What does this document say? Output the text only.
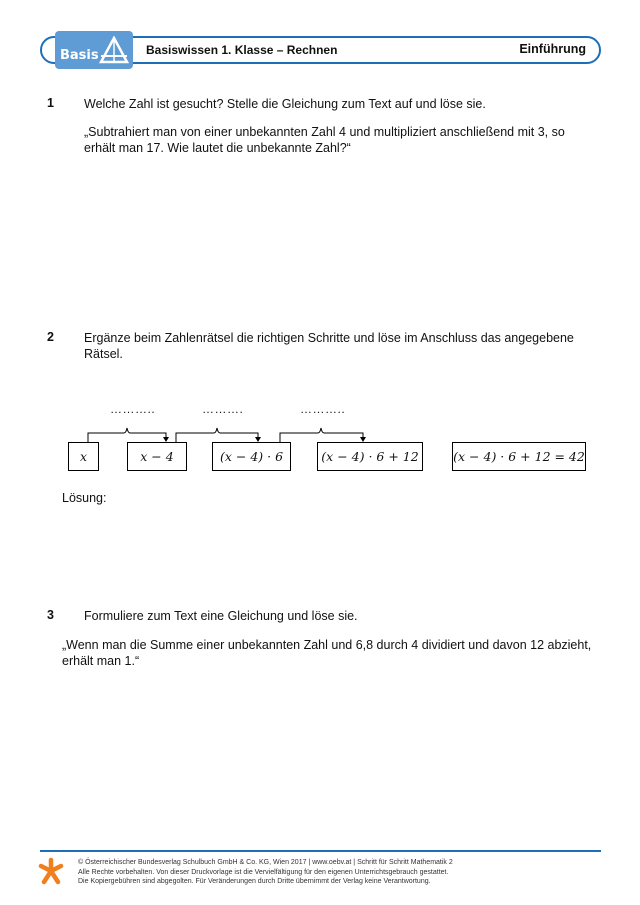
Basis	Basiswissen 1. Klasse – Rechnen	Einführung
1 Welche Zahl ist gesucht? Stelle die Gleichung zum Text auf und löse sie.
„Subtrahiert man von einer unbekannten Zahl 4 und multipliziert anschließend mit 3, so
erhält man 17. Wie lautet die unbekannte Zahl?“
2 Ergänze beim Zahlenrätsel die richtigen Schritte und löse im Anschluss das angegebene
Rätsel.
………..	……….	………..
x	x − 4	(x − 4) · 6	(x − 4) · 6 + 12	(x − 4) · 6 + 12 = 42
Lösung:
3 Formuliere zum Text eine Gleichung und löse sie.
„Wenn man die Summe einer unbekannten Zahl und 6,8 durch 4 dividiert und davon 12 abzieht,
erhält man 1.“
© Österreichischer Bundesverlag Schulbuch GmbH & Co. KG, Wien 2017 | www.oebv.at | Schritt für Schritt Mathematik 2
Alle Rechte vorbehalten. Von dieser Druckvorlage ist die Vervielfältigung für den eigenen Unterrichtsgebrauch gestattet.
Die Kopiergebühren sind abgegolten. Für Veränderungen durch Dritte übernimmt der Verlag keine Verantwortung.
